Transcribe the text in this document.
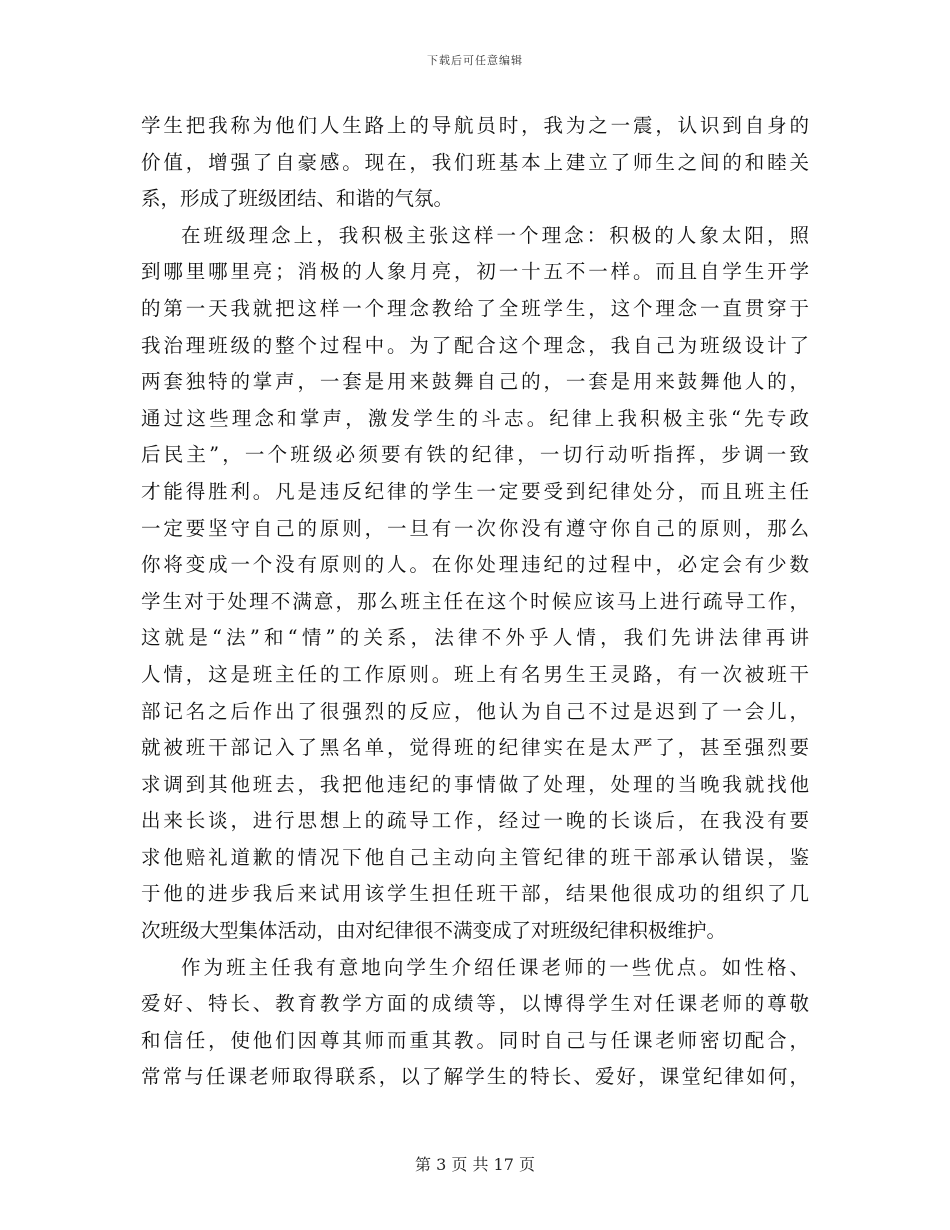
下载后可任意编辑
学生把我称为他们人生路上的导航员时，我为之一震，认识到自身的
价值，增强了自豪感。现在，我们班基本上建立了师生之间的和睦关
系，形成了班级团结、和谐的气氛。
在班级理念上，我积极主张这样一个理念：积极的人象太阳，照
到哪里哪里亮；消极的人象月亮，初一十五不一样。而且自学生开学
的第一天我就把这样一个理念教给了全班学生，这个理念一直贯穿于
我治理班级的整个过程中。为了配合这个理念，我自己为班级设计了
两套独特的掌声，一套是用来鼓舞自己的，一套是用来鼓舞他人的，
通过这些理念和掌声，激发学生的斗志。纪律上我积极主张“先专政
后民主”，一个班级必须要有铁的纪律，一切行动听指挥，步调一致
才能得胜利。凡是违反纪律的学生一定要受到纪律处分，而且班主任
一定要坚守自己的原则，一旦有一次你没有遵守你自己的原则，那么
你将变成一个没有原则的人。在你处理违纪的过程中，必定会有少数
学生对于处理不满意，那么班主任在这个时候应该马上进行疏导工作，
这就是“法”和“情”的关系，法律不外乎人情，我们先讲法律再讲
人情，这是班主任的工作原则。班上有名男生王灵路，有一次被班干
部记名之后作出了很强烈的反应，他认为自己不过是迟到了一会儿，
就被班干部记入了黑名单，觉得班的纪律实在是太严了，甚至强烈要
求调到其他班去，我把他违纪的事情做了处理，处理的当晚我就找他
出来长谈，进行思想上的疏导工作，经过一晚的长谈后，在我没有要
求他赔礼道歉的情况下他自己主动向主管纪律的班干部承认错误，鉴
于他的进步我后来试用该学生担任班干部，结果他很成功的组织了几
次班级大型集体活动，由对纪律很不满变成了对班级纪律积极维护。
作为班主任我有意地向学生介绍任课老师的一些优点。如性格、
爱好、特长、教育教学方面的成绩等，以博得学生对任课老师的尊敬
和信任，使他们因尊其师而重其教。同时自己与任课老师密切配合，
常常与任课老师取得联系，以了解学生的特长、爱好，课堂纪律如何，
第 3 页 共 17 页
